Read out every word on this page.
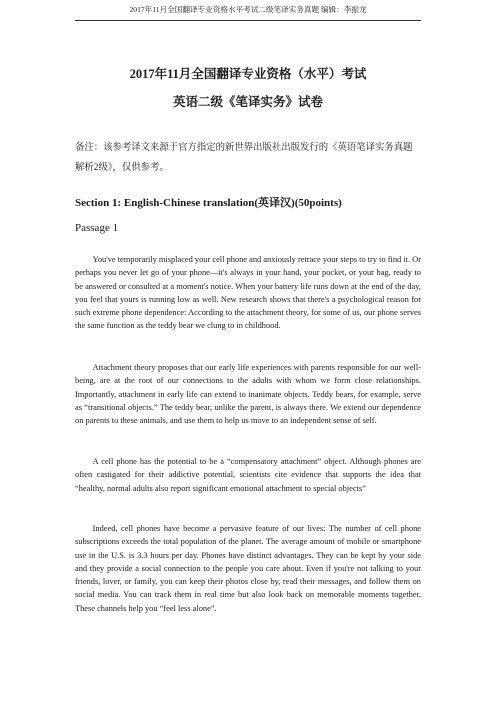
2017年11月全国翻译专业资格水平考试二级笔译实务真题 编辑：李振龙
2017年11月全国翻译专业资格（水平）考试
英语二级《笔译实务》试卷
备注：该参考译文来源于官方指定的新世界出版社出版发行的《英语笔译实务真题解析2级》，仅供参考。
Section 1: English-Chinese translation(英译汉)(50points)
Passage 1
You've temporarily misplaced your cell phone and anxiously retrace your steps to try to find it. Or perhaps you never let go of your phone—it's always in your hand, your pocket, or your bag, ready to be answered or consulted at a moment's notice. When your battery life runs down at the end of the day, you feel that yours is running low as well. New research shows that there's a psychological reason for such extreme phone dependence: According to the attachment theory, for some of us, our phone serves the same function as the teddy bear we clung to in childhood.
Attachment theory proposes that our early life experiences with parents responsible for our well-being, are at the root of our connections to the adults with whom we form close relationships. Importantly, attachment in early life can extend to inanimate objects. Teddy bears, for example, serve as “transitional objects.” The teddy bear, unlike the parent, is always there. We extend our dependence on parents to these animals, and use them to help us move to an independent sense of self.
A cell phone has the potential to be a “compensatory attachment” object. Although phones are often castigated for their addictive potential, scientists cite evidence that supports the idea that “healthy, normal adults also report significant emotional attachment to special objects”
Indeed, cell phones have become a pervasive feature of our lives: The number of cell phone subscriptions exceeds the total population of the planet. The average amount of mobile or smartphone use in the U.S. is 3.3 hours per day. Phones have distinct advantages. They can be kept by your side and they provide a social connection to the people you care about. Even if you're not talking to your friends, lover, or family, you can keep their photos close by, read their messages, and follow them on social media. You can track them in real time but also look back on memorable moments together. These channels help you “feel less alone”.
